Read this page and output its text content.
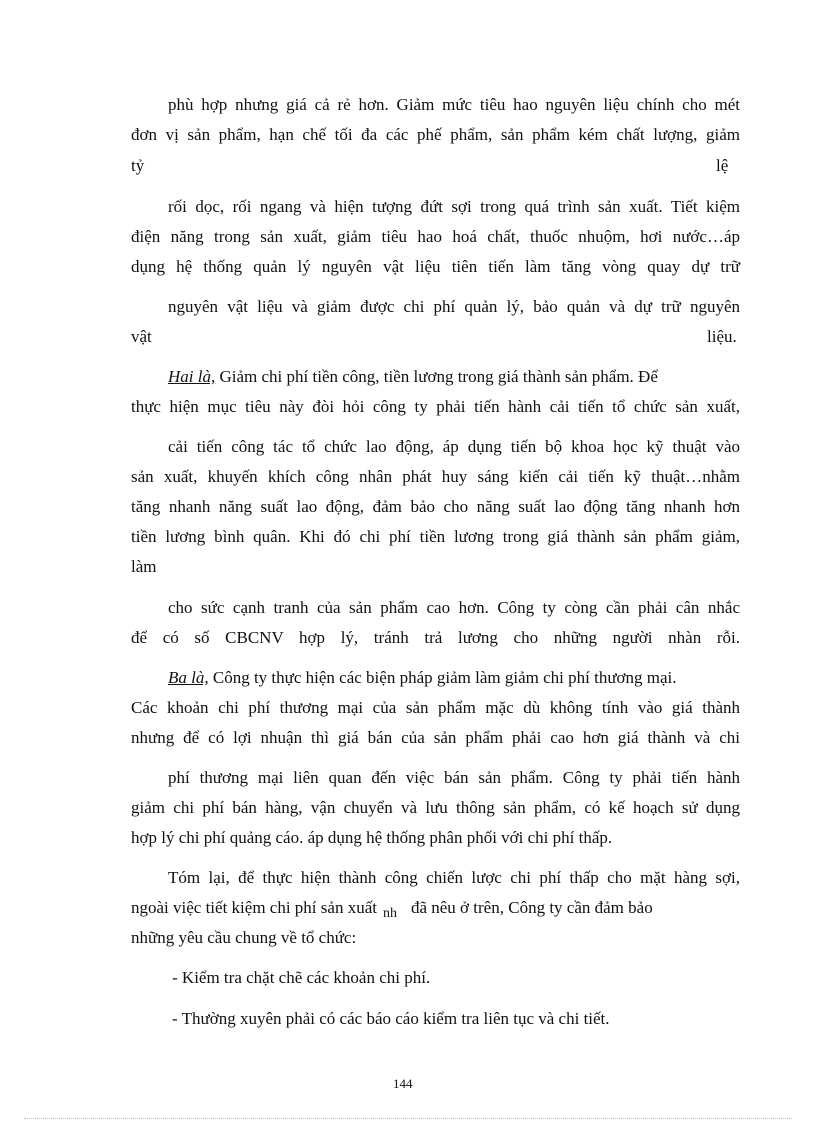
phù hợp nhưng giá cả rẻ hơn. Giảm mức tiêu hao nguyên liệu chính cho mét

đơn vị sản phẩm, hạn chế tối đa các phế phẩm, sản phẩm kém chất lượng, giảm

tỷ	lệ

rối dọc, rối ngang và hiện tượng đứt sợi trong quá trình sản xuất. Tiết kiệm

điện năng trong sản xuất, giảm tiêu hao hoá chất, thuốc nhuộm, hơi nước…áp

dụng hệ thống quản lý nguyên vật liệu tiên tiến làm tăng vòng quay dự trữ

nguyên vật liệu và giảm được chi phí quản lý, bảo quản và dự trữ nguyên

vật	liệu.

Hai là, Giảm chi phí tiền công, tiền lương trong giá thành sản phẩm. Để

thực hiện mục tiêu này đòi hỏi công ty phải tiến hành cải tiến tổ chức sản xuất,

cải tiến công tác tổ chức lao động, áp dụng tiến bộ khoa học kỹ thuật vào

sản xuất, khuyến khích công nhân phát huy sáng kiến cải tiến kỹ thuật…nhằm

tăng nhanh năng suất lao động, đảm bảo cho năng suất lao động tăng nhanh hơn

tiền lương bình quân. Khi đó chi phí tiền lương trong giá thành sản phẩm giảm,

làm

cho sức cạnh tranh của sản phẩm cao hơn. Công ty còng cần phải cân nhắc

để có số CBCNV hợp lý, tránh trả lương cho những người nhàn rỗi.

Ba là, Công ty thực hiện các biện pháp giảm làm giảm chi phí thương mại.

Các khoản chi phí thương mại của sản phẩm mặc dù không tính vào giá thành

nhưng để có lợi nhuận thì giá bán của sản phẩm phải cao hơn giá thành và chi

phí thương mại liên quan đến việc bán sản phẩm. Công ty phải tiến hành

giảm chi phí bán hàng, vận chuyển và lưu thông sản phẩm, có kế hoạch sử dụng

hợp lý chi phí quảng cáo. áp dụng hệ thống phân phối với chi phí thấp.

Tóm lại, để thực hiện thành công chiến lược chi phí thấp cho mặt hàng sợi,

ngoài việc tiết kiệm chi phí sản xuất $_{nh}$ đã nêu ở trên, Công ty cần đảm bảo

những yêu cầu chung về tổ chức:

- Kiểm tra chặt chẽ các khoản chi phí.

- Thường xuyên phải có các báo cáo kiểm tra liên tục và chi tiết.

144
